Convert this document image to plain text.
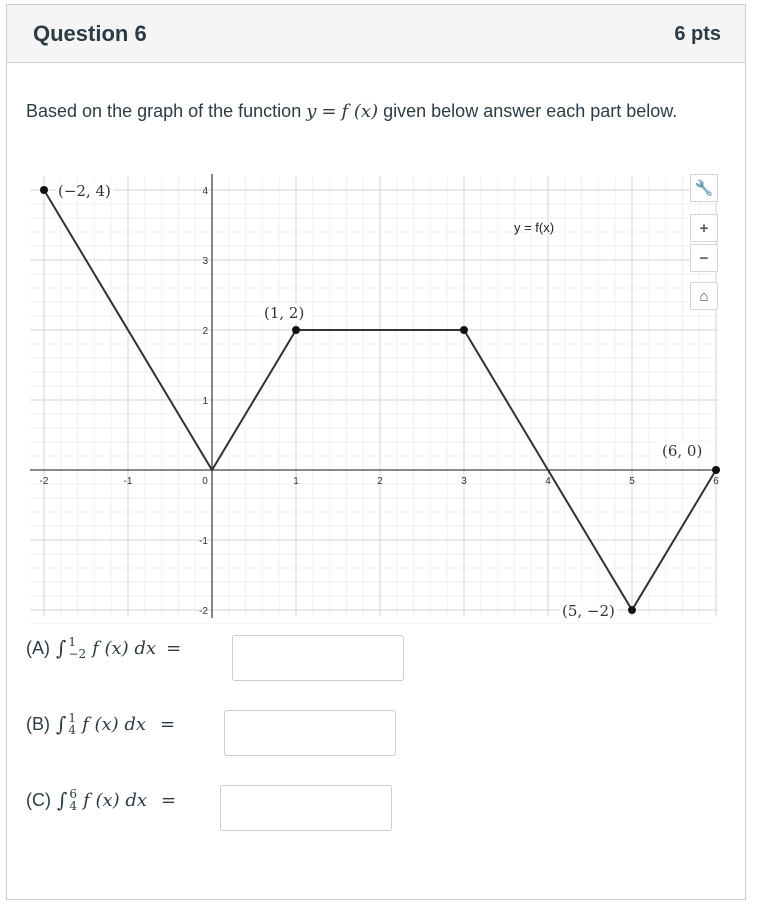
Question 6	6 pts
Based on the graph of the function y = f (x) given below answer each part below.
-2	-1	0	1	2	3	4	5	6
4
3
2
1
-1
-2
(−2, 4)
(1, 2)
(5, −2)
(6, 0)
y = f(x)
🔧
+
−
⌂
(A) ∫ 1
−2 f (x) dx =
(B) ∫ 1
4 f (x) dx =
(C) ∫ 6
4 f (x) dx =
